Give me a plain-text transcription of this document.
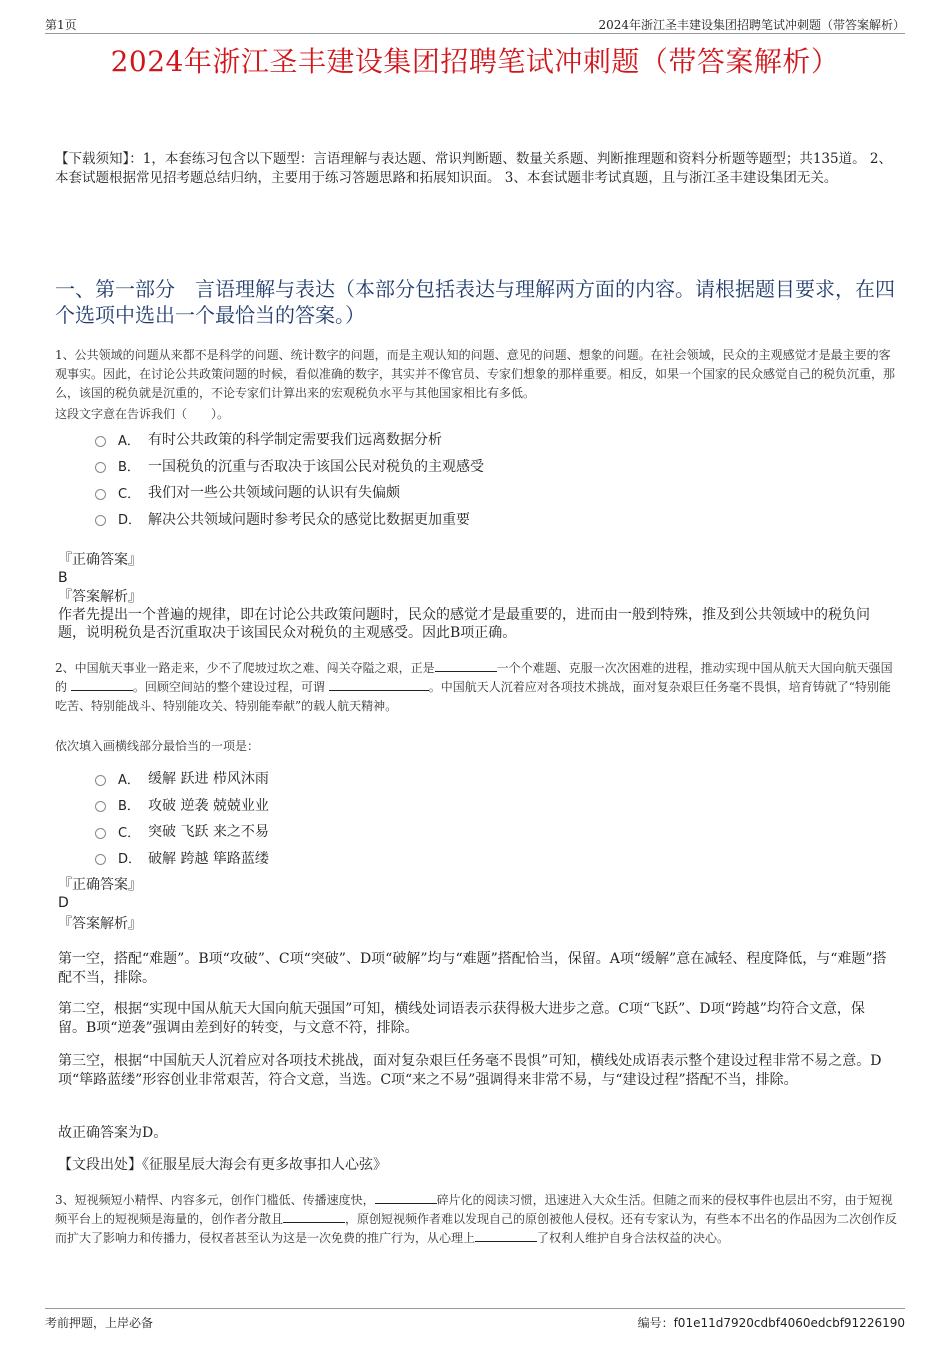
第1页	2024年浙江圣丰建设集团招聘笔试冲刺题（带答案解析）
2024年浙江圣丰建设集团招聘笔试冲刺题（带答案解析）
【下载须知】：1，本套练习包含以下题型：言语理解与表达题、常识判断题、数量关系题、判断推理题和资料分析题等题型；共135道。 2、本套试题根据常见招考题总结归纳，主要用于练习答题思路和拓展知识面。 3、本套试题非考试真题，且与浙江圣丰建设集团无关。
一、第一部分　言语理解与表达（本部分包括表达与理解两方面的内容。请根据题目要求，在四个选项中选出一个最恰当的答案。）
1、公共领域的问题从来都不是科学的问题、统计数字的问题，而是主观认知的问题、意见的问题、想象的问题。在社会领域，民众的主观感觉才是最主要的客观事实。因此，在讨论公共政策问题的时候，看似准确的数字，其实并不像官员、专家们想象的那样重要。相反，如果一个国家的民众感觉自己的税负沉重，那么，该国的税负就是沉重的，不论专家们计算出来的宏观税负水平与其他国家相比有多低。
这段文字意在告诉我们（　　）。
A． 有时公共政策的科学制定需要我们远离数据分析
B． 一国税负的沉重与否取决于该国公民对税负的主观感受
C． 我们对一些公共领域问题的认识有失偏颇
D． 解决公共领域问题时参考民众的感觉比数据更加重要
『正确答案』
B
『答案解析』
作者先提出一个普遍的规律，即在讨论公共政策问题时，民众的感觉才是最重要的，进而由一般到特殊，推及到公共领域中的税负问题，说明税负是否沉重取决于该国民众对税负的主观感受。因此B项正确。
2、中国航天事业一路走来，少不了爬坡过坎之难、闯关夺隘之艰，正是	一个个难题、克服一次次困难的进程，推动实现中国从航天大国向航天强国的	。回顾空间站的整个建设过程，可谓	。中国航天人沉着应对各项技术挑战，面对复杂艰巨任务毫不畏惧，培育铸就了“特别能吃苦、特别能战斗、特别能攻关、特别能奉献”的载人航天精神。
依次填入画横线部分最恰当的一项是：
A． 缓解 跃进 栉风沐雨
B． 攻破 逆袭 兢兢业业
C． 突破 飞跃 来之不易
D． 破解 跨越 筚路蓝缕
『正确答案』
D
『答案解析』
第一空，搭配“难题”。B项“攻破”、C项“突破”、D项“破解”均与“难题”搭配恰当，保留。A项“缓解”意在减轻、程度降低，与“难题”搭配不当，排除。
第二空，根据“实现中国从航天大国向航天强国”可知，横线处词语表示获得极大进步之意。C项“飞跃”、D项“跨越”均符合文意，保留。B项“逆袭”强调由差到好的转变，与文意不符，排除。
第三空，根据“中国航天人沉着应对各项技术挑战，面对复杂艰巨任务毫不畏惧”可知，横线处成语表示整个建设过程非常不易之意。D项“筚路蓝缕”形容创业非常艰苦，符合文意，当选。C项“来之不易”强调得来非常不易，与“建设过程”搭配不当，排除。
故正确答案为D。
【文段出处】《征服星辰大海会有更多故事扣人心弦》
3、短视频短小精悍、内容多元，创作门槛低、传播速度快，	碎片化的阅读习惯，迅速进入大众生活。但随之而来的侵权事件也层出不穷，由于短视频平台上的短视频是海量的，创作者分散且	，原创短视频作者难以发现自己的原创被他人侵权。还有专家认为，有些本不出名的作品因为二次创作反而扩大了影响力和传播力，侵权者甚至认为这是一次免费的推广行为，从心理上	了权利人维护自身合法权益的决心。
考前押题，上岸必备	编号：f01e11d7920cdbf4060edcbf91226190
